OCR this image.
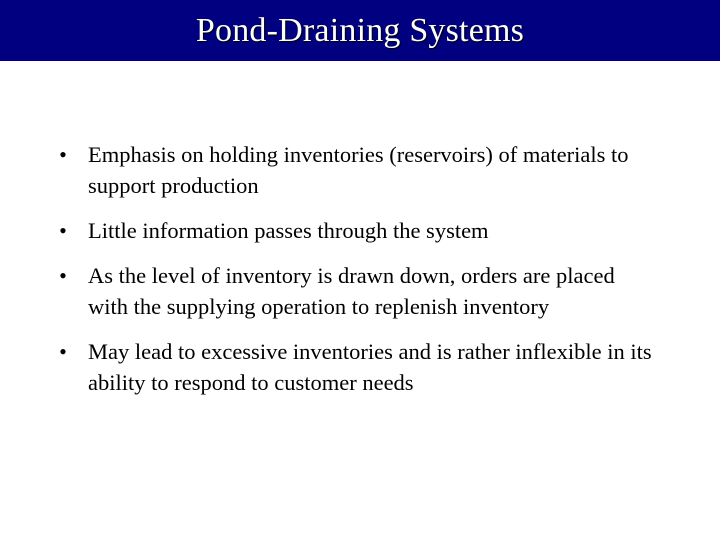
Pond-Draining Systems
• Emphasis on holding inventories (reservoirs) of materials to support production
• Little information passes through the system
• As the level of inventory is drawn down, orders are placed with the supplying operation to replenish inventory
• May lead to excessive inventories and is rather inflexible in its ability to respond to customer needs
